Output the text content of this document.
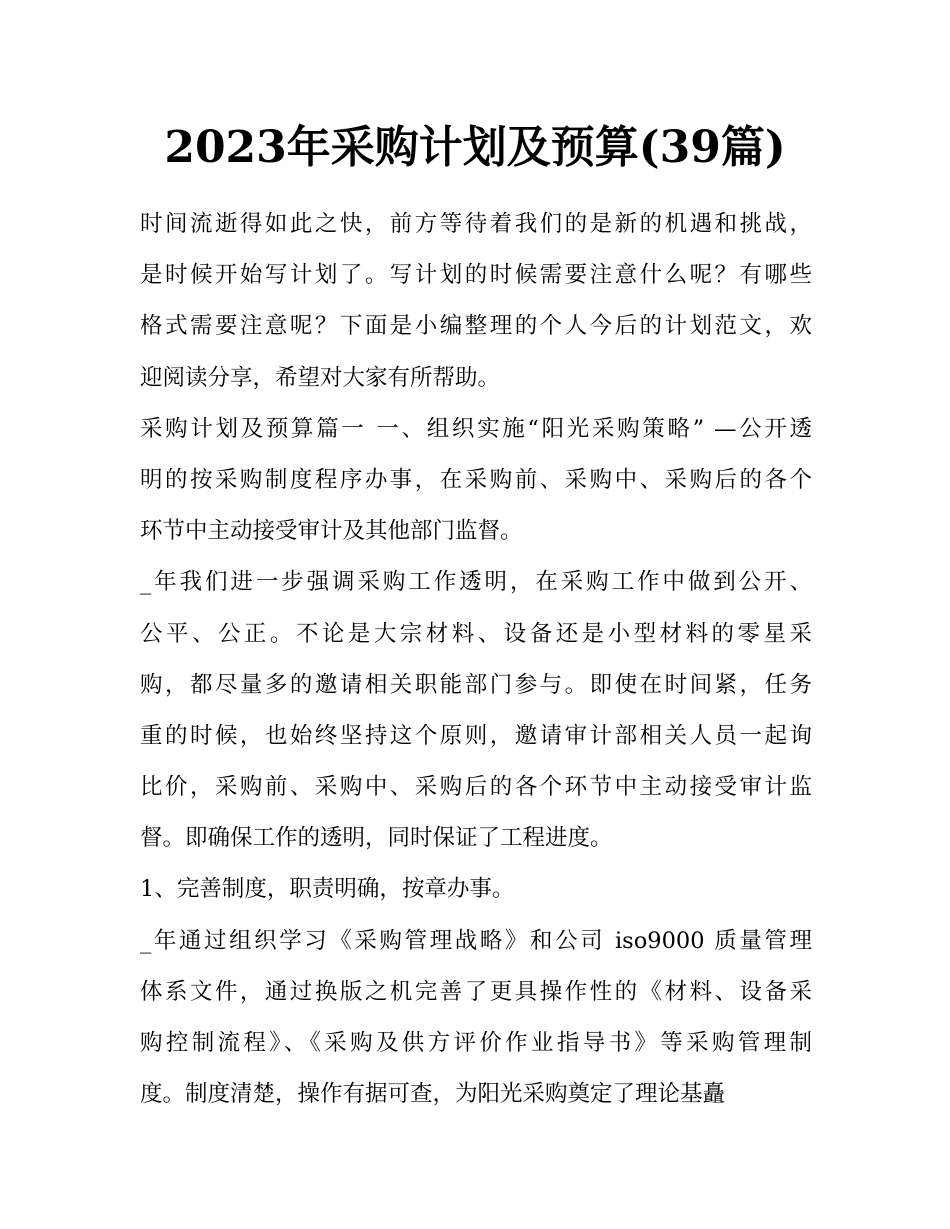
2023年采购计划及预算(39篇)
时间流逝得如此之快，前方等待着我们的是新的机遇和挑战，
是时候开始写计划了。写计划的时候需要注意什么呢？有哪些
格式需要注意呢？下面是小编整理的个人今后的计划范文，欢
迎阅读分享，希望对大家有所帮助。
采购计划及预算篇一 一、组织实施“阳光采购策略” —公开透
明的按采购制度程序办事，在采购前、采购中、采购后的各个
环节中主动接受审计及其他部门监督。
_年我们进一步强调采购工作透明，在采购工作中做到公开、
公平、公正。不论是大宗材料、设备还是小型材料的零星采
购，都尽量多的邀请相关职能部门参与。即使在时间紧，任务
重的时候，也始终坚持这个原则，邀请审计部相关人员一起询
比价，采购前、采购中、采购后的各个环节中主动接受审计监
督。即确保工作的透明，同时保证了工程进度。
1、完善制度，职责明确，按章办事。
_年通过组织学习《采购管理战略》和公司 iso9000 质量管理
体系文件，通过换版之机完善了更具操作性的《材料、设备采
购控制流程》、《采购及供方评价作业指导书》等采购管理制
度。制度清楚，操作有据可查，为阳光采购奠定了理论基矗
